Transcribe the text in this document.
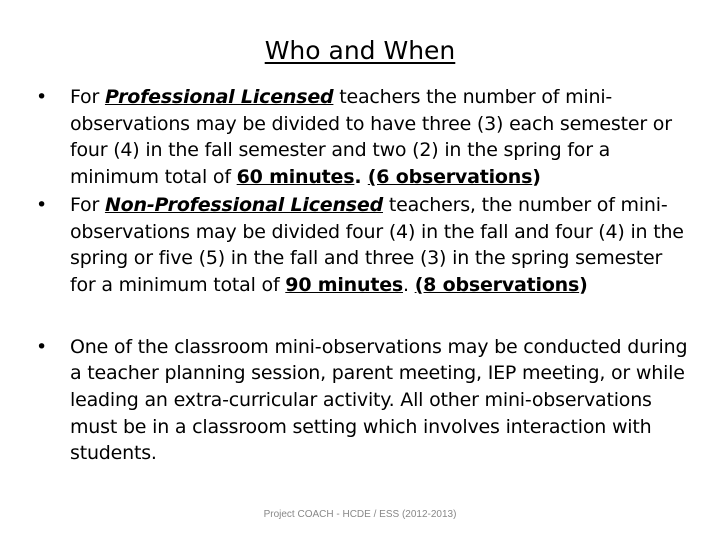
Who and When
•	For Professional Licensed teachers the number of mini-observations may be divided to have three (3) each semester or four (4) in the fall semester and two (2) in the spring for a minimum total of 60 minutes. (6 observations)
•	For Non-Professional Licensed teachers, the number of mini-observations may be divided four (4) in the fall and four (4) in the spring or five (5) in the fall and three (3) in the spring semester for a minimum total of 90 minutes. (8 observations)
•	One of the classroom mini-observations may be conducted during a teacher planning session, parent meeting, IEP meeting, or while leading an extra-curricular activity. All other mini-observations must be in a classroom setting which involves interaction with students.
Project COACH - HCDE / ESS (2012-2013)
